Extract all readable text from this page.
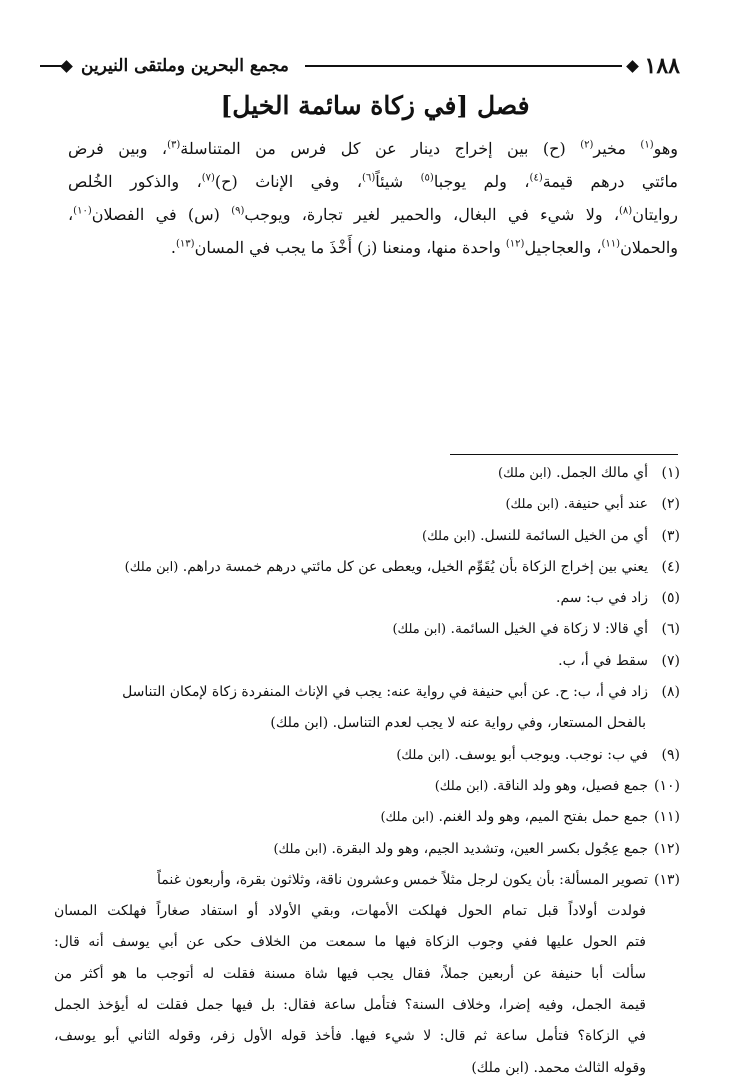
١٨٨
مجمع البحرين وملتقى النيرين
فصل [في زكاة سائمة الخيل]
وهو$^{(١)}$ مخير$^{(٢)}$ (ح) بين إخراج دينار عن كل فرس من المتناسلة$^{(٣)}$، وبين فرض
مائتي درهم قيمة$^{(٤)}$، ولم يوجبا$^{(٥)}$ شيئاً$^{(٦)}$، وفي الإناث (ح)$^{(٧)}$، والذكور الخُلص
روايتان$^{(٨)}$، ولا شيء في البغال، والحمير لغير تجارة، ويوجب$^{(٩)}$ (س) في الفصلان$^{(١٠)}$،
والحملان$^{(١١)}$، والعجاجيل$^{(١٢)}$ واحدة منها، ومنعنا (ز) أَخْذَ ما يجب في المسان$^{(١٣)}$.
(١)أي مالك الجمل. (ابن ملك)
(٢)عند أبي حنيفة. (ابن ملك)
(٣)أي من الخيل السائمة للنسل. (ابن ملك)
(٤)يعني بين إخراج الزكاة بأن يُقَوِّم الخيل، ويعطى عن كل مائتي درهم خمسة دراهم. (ابن ملك)
(٥)زاد في ب: سم.
(٦)أي قالا: لا زكاة في الخيل السائمة. (ابن ملك)
(٧)سقط في أ، ب.
(٨)زاد في أ، ب: ح. عن أبي حنيفة في رواية عنه: يجب في الإناث المنفردة زكاة لإمكان التناسل
بالفحل المستعار، وفي رواية عنه لا يجب لعدم التناسل. (ابن ملك)
(٩)في ب: نوجب. ويوجب أبو يوسف. (ابن ملك)
(١٠)جمع فصيل، وهو ولد الناقة. (ابن ملك)
(١١)جمع حمل بفتح الميم، وهو ولد الغنم. (ابن ملك)
(١٢)جمع عِجُول بكسر العين، وتشديد الجيم، وهو ولد البقرة. (ابن ملك)
(١٣)تصوير المسألة: بأن يكون لرجل مثلاً خمس وعشرون ناقة، وثلاثون بقرة، وأربعون غنماً
فولدت أولاداً قبل تمام الحول فهلكت الأمهات، وبقي الأولاد أو استفاد صغاراً فهلكت المسان
فتم الحول عليها ففي وجوب الزكاة فيها ما سمعت من الخلاف حكى عن أبي يوسف أنه قال:
سألت أبا حنيفة عن أربعين جملاً، فقال يجب فيها شاة مسنة فقلت له أتوجب ما هو أكثر من
قيمة الجمل، وفيه إضرا، وخلاف السنة؟ فتأمل ساعة فقال: بل فيها جمل فقلت له أيؤخذ الجمل
في الزكاة؟ فتأمل ساعة ثم قال: لا شيء فيها. فأخذ قوله الأول زفر، وقوله الثاني أبو يوسف،
وقوله الثالث محمد. (ابن ملك)
